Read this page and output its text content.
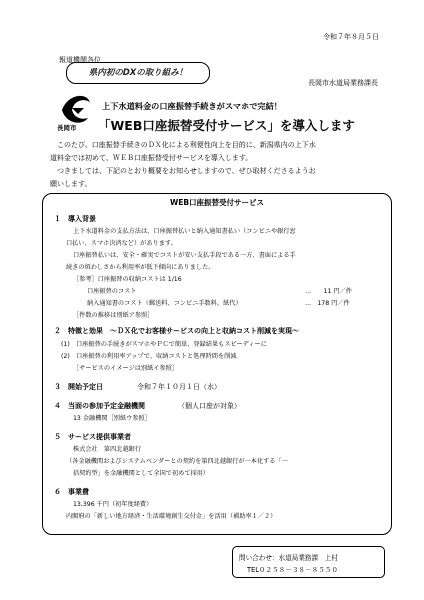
令和７年８月５日
報道機関各位
長岡市水道局業務課長
県内初のDXの取り組み！
長岡市
上下水道料金の口座振替手続きがスマホで完結！
「WEB口座振替受付サービス」を導入します
このたび、口座振替手続きのＤＸ化による利便性向上を目的に、新潟県内の上下水
道料金では初めて、ＷＥＢ口座振替受付サービスを導入します。
つきましては、下記のとおり概要をお知らせしますので、ぜひ取材くださるようお
願いします。
WEB口座振替受付サービス
１　導入背景
上下水道料金の支払方法は、口座振替払いと納入通知書払い（コンビニや銀行窓
口払い、スマホ決済など）があります。
口座振替払いは、安全・確実でコストが安い支払手段である一方、書面による手
続きの煩わしさから利用率が低下傾向にありました。
［参考］口座振替の収納コストは 1/16
口座振替のコスト	…　　11 円／件
納入通知書のコスト（郵送料、コンビニ手数料、紙代）	…　178 円／件
［件数の推移は別紙ア参照］
２　特徴と効果　～ＤＸ化でお客様サービスの向上と収納コスト削減を実現～
(1)　口座振替の手続きがスマホやＰＣで簡単、登録結果もスピーディーに
(2)　口座振替の利用率アップで、収納コストと処理時間を削減
［サービスのイメージは別紙イ参照］
３　開始予定日	令和７年１０月１日（水）
４　当面の参加予定金融機関	（個人口座が対象）
13 金融機関［別紙ウ参照］
５　サービス提供事業者
株式会社　第四北越銀行
（各金融機関およびシステムベンダーとの契約を第四北越銀行が一本化する「一
括契約型」を金融機関として全国で初めて採用）
６　事業費
13,396 千円（初年度経費）
内閣府の「新しい地方経済・生活環境創生交付金」を活用（補助率１／２）
問い合わせ：水道局業務課　上村
TEL０２５８－３８－８５５０
